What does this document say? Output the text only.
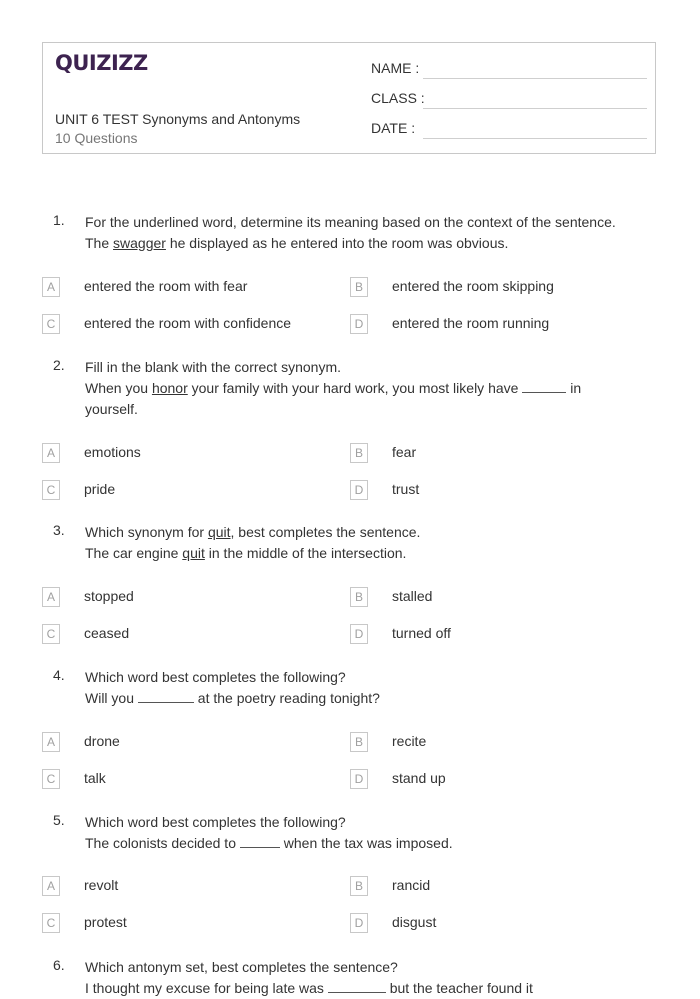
QUIZIZZ
UNIT 6 TEST Synonyms and Antonyms
10 Questions
NAME :
CLASS :
DATE :
1. For the underlined word, determine its meaning based on the context of the sentence.
The swagger he displayed as he entered into the room was obvious.
A	entered the room with fear	B	entered the room skipping
C	entered the room with confidence	D	entered the room running
2. Fill in the blank with the correct synonym.
When you honor your family with your hard work, you most likely have	in
yourself.
A	emotions	B	fear
C	pride	D	trust
3. Which synonym for quit, best completes the sentence.
The car engine quit in the middle of the intersection.
A	stopped	B	stalled
C	ceased	D	turned off
4. Which word best completes the following?
Will you	at the poetry reading tonight?
A	drone	B	recite
C	talk	D	stand up
5. Which word best completes the following?
The colonists decided to	when the tax was imposed.
A	revolt	B	rancid
C	protest	D	disgust
6. Which antonym set, best completes the sentence?
I thought my excuse for being late was	but the teacher found it
